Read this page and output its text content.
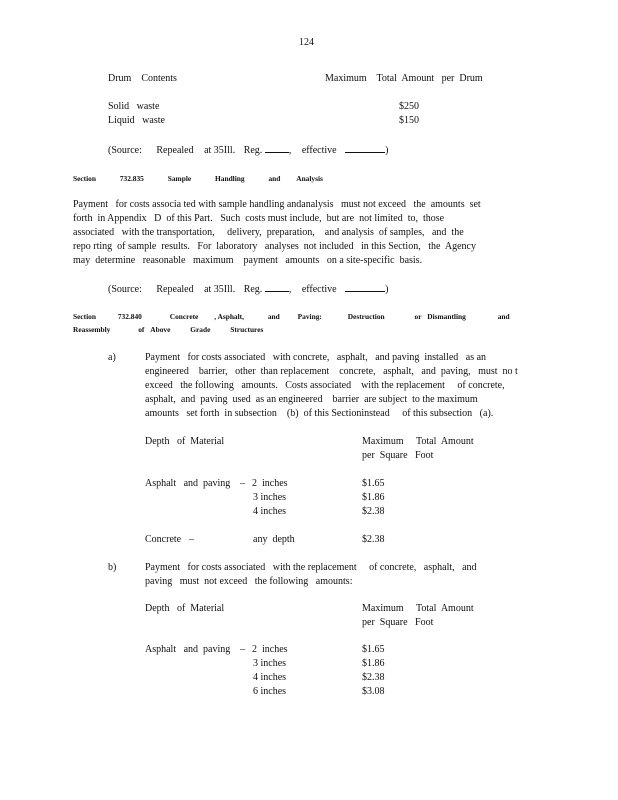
124
Drum    Contents	Maximum    Total  Amount   per  Drum
Solid   waste	$250
Liquid   waste	$150
(Source: Repealed at 35Ill. Reg.	, effective	)
Section	732.835	Sample	Handling	and Analysis
Payment   for costs associa ted with sample handling andanalysis   must not exceed   the  amounts  set
forth  in Appendix   D  of this Part.   Such  costs must include,  but are  not limited  to,  those
associated   with the transportation,     delivery,  preparation,    and analysis  of samples,   and  the
repo rting  of sample  results.   For  laboratory   analyses  not included   in this Section,   the  Agency
may  determine   reasonable   maximum    payment   amounts   on a site-specific  basis.
(Source: Repealed at 35Ill. Reg.	, effective	)
Section	732.840	Concrete , Asphalt,	and Paving:	Destruction	or Dismantling	and
Reassembly	of Above	Grade	Structures
a)	Payment   for costs associated   with concrete,   asphalt,   and paving  installed   as an
engineered    barrier,   other  than replacement    concrete,   asphalt,   and  paving,   must  no t
exceed   the following   amounts.   Costs associated    with the replacement     of concrete,
asphalt,  and  paving  used  as an engineered    barrier  are subject  to the maximum
amounts   set forth  in subsection    (b)  of this Sectioninstead     of this subsection   (a).
Depth   of  Material	Maximum     Total  Amount
per  Square   Foot
Asphalt   and  paving – 2  inches	$1.65
3 inches	$1.86
4 inches	$2.38
Concrete –	any  depth	$2.38
b)	Payment   for costs associated   with the replacement     of concrete,   asphalt,   and
paving   must  not exceed   the following   amounts:
Depth   of  Material	Maximum     Total  Amount
per  Square   Foot
Asphalt   and  paving – 2  inches	$1.65
3 inches	$1.86
4 inches	$2.38
6 inches	$3.08
